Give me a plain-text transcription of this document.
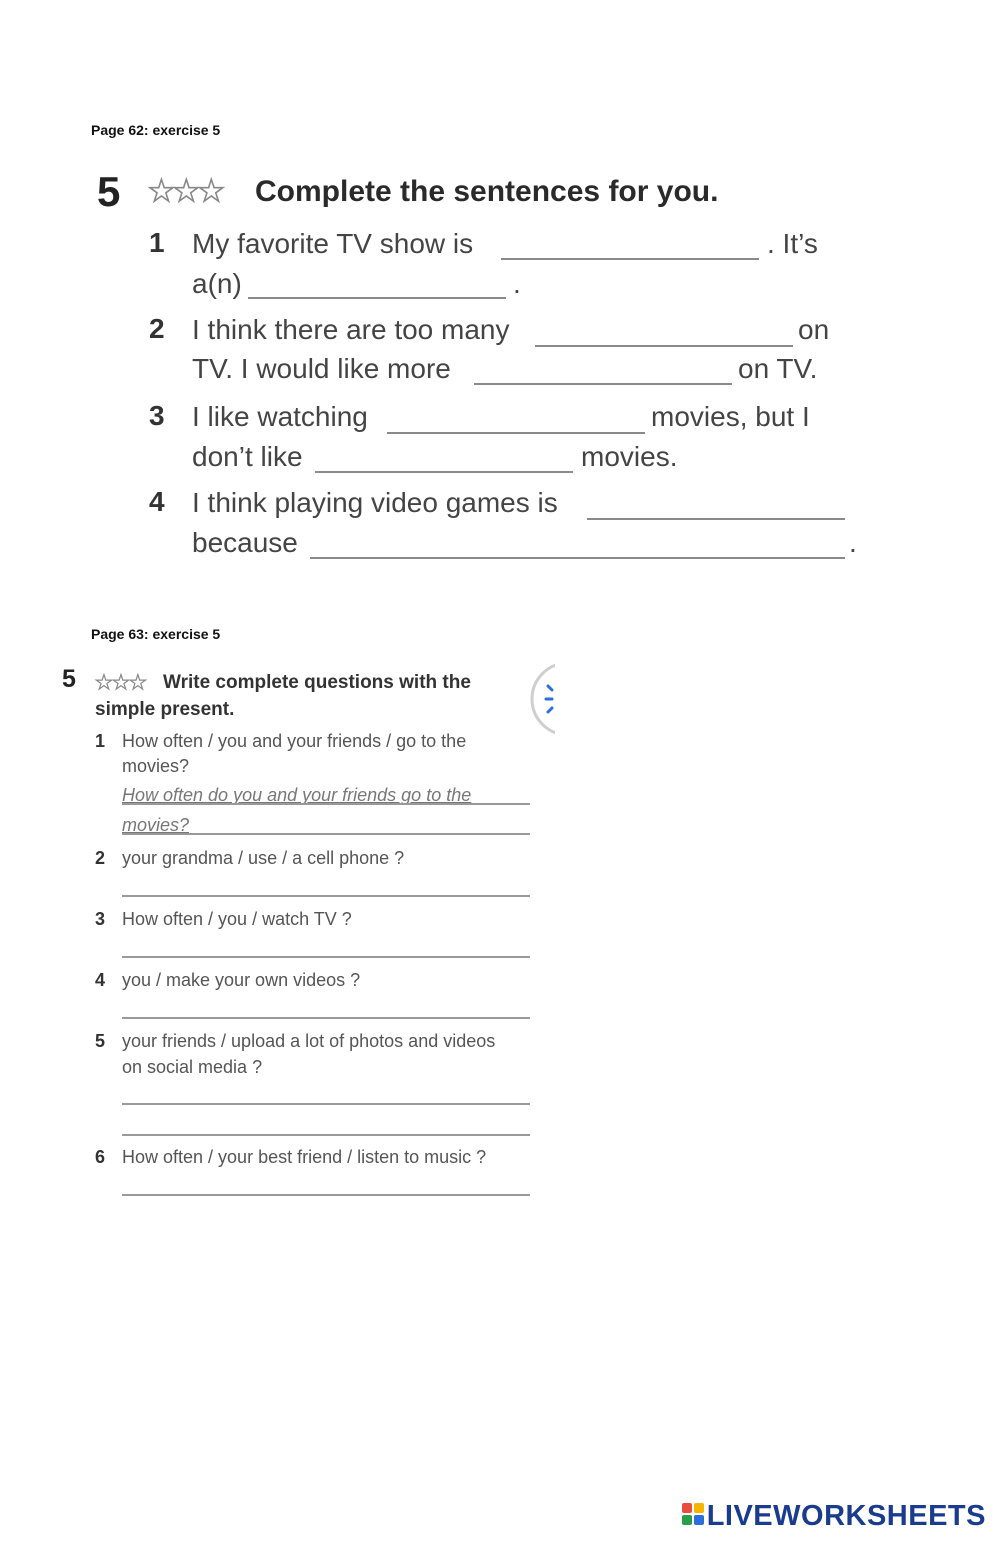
Page 62: exercise 5
5 ★★★ Complete the sentences for you.
1 My favorite TV show is	. It’s
a(n)	.
2 I think there are too many	on
TV. I would like more	on TV.
3 I like watching	movies, but I
don’t like	movies.
4 I think playing video games is
because	.
Page 63: exercise 5
5 ★★★ Write complete questions with the
simple present.
1 How often / you and your friends / go to the
movies?
How often do you and your friends go to the
movies?
2 your grandma / use / a cell phone ?
3 How often / you / watch TV ?
4 you / make your own videos ?
5 your friends / upload a lot of photos and videos
on social media ?
6 How often / your best friend / listen to music ?
LIVEWORKSHEETS
